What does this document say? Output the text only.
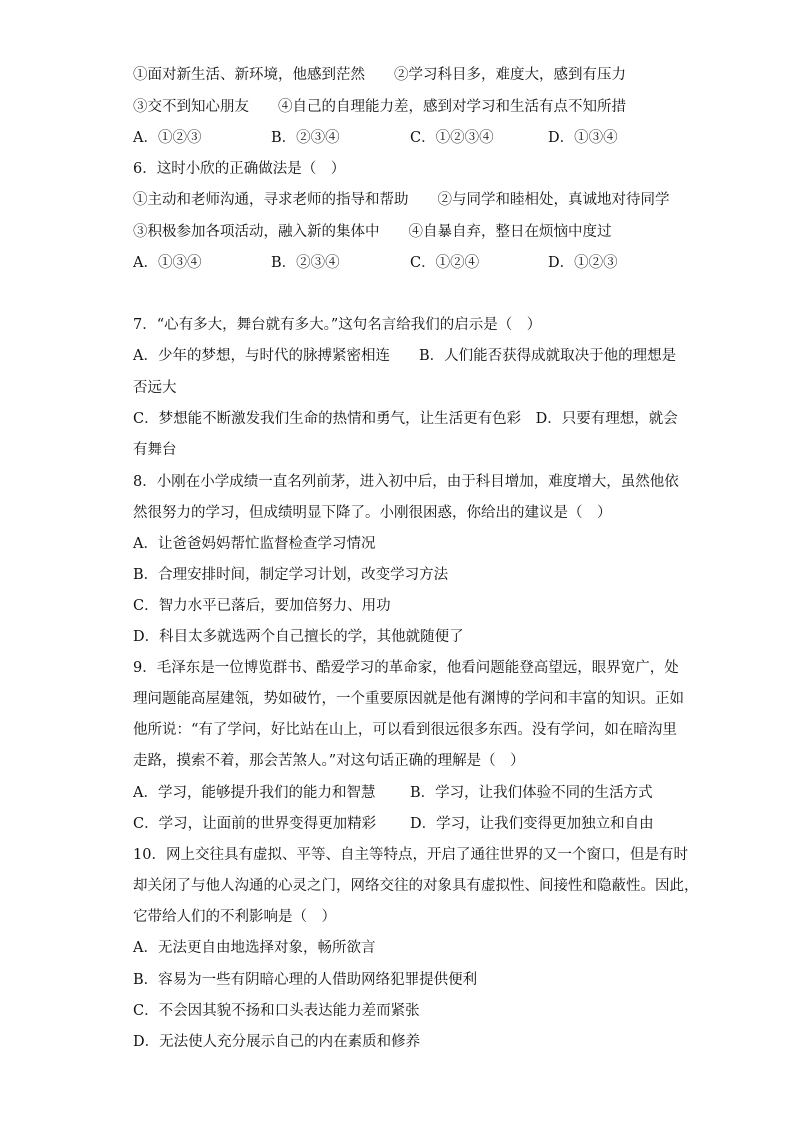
①面对新生活、新环境，他感到茫然　　②学习科目多，难度大，感到有压力
③交不到知心朋友　　④自己的自理能力差，感到对学习和生活有点不知所措
A．①②③	B．②③④	C．①②③④	D．①③④
6．这时小欣的正确做法是（　）
①主动和老师沟通，寻求老师的指导和帮助　　②与同学和睦相处，真诚地对待同学
③积极参加各项活动，融入新的集体中　　④自暴自弃，整日在烦恼中度过
A．①③④	B．②③④	C．①②④	D．①②③
7．“心有多大，舞台就有多大。”这句名言给我们的启示是（　）
A．少年的梦想，与时代的脉搏紧密相连　　B．人们能否获得成就取决于他的理想是
否远大
C．梦想能不断激发我们生命的热情和勇气，让生活更有色彩　D．只要有理想，就会
有舞台
8．小刚在小学成绩一直名列前茅，进入初中后，由于科目增加，难度增大，虽然他依
然很努力的学习，但成绩明显下降了。小刚很困惑，你给出的建议是（　）
A．让爸爸妈妈帮忙监督检查学习情况
B．合理安排时间，制定学习计划，改变学习方法
C．智力水平已落后，要加倍努力、用功
D．科目太多就选两个自己擅长的学，其他就随便了
9．毛泽东是一位博览群书、酷爱学习的革命家，他看问题能登高望远，眼界宽广，处
理问题能高屋建瓴，势如破竹，一个重要原因就是他有渊博的学问和丰富的知识。正如
他所说：“有了学问，好比站在山上，可以看到很远很多东西。没有学问，如在暗沟里
走路，摸索不着，那会苦煞人。”对这句话正确的理解是（　）
A．学习，能够提升我们的能力和智慧 B．学习，让我们体验不同的生活方式
C．学习，让面前的世界变得更加精彩 D．学习，让我们变得更加独立和自由
10．网上交往具有虚拟、平等、自主等特点，开启了通往世界的又一个窗口，但是有时
却关闭了与他人沟通的心灵之门，网络交往的对象具有虚拟性、间接性和隐蔽性。因此，
它带给人们的不利影响是（　）
A．无法更自由地选择对象，畅所欲言
B．容易为一些有阴暗心理的人借助网络犯罪提供便利
C．不会因其貌不扬和口头表达能力差而紧张
D．无法使人充分展示自己的内在素质和修养
